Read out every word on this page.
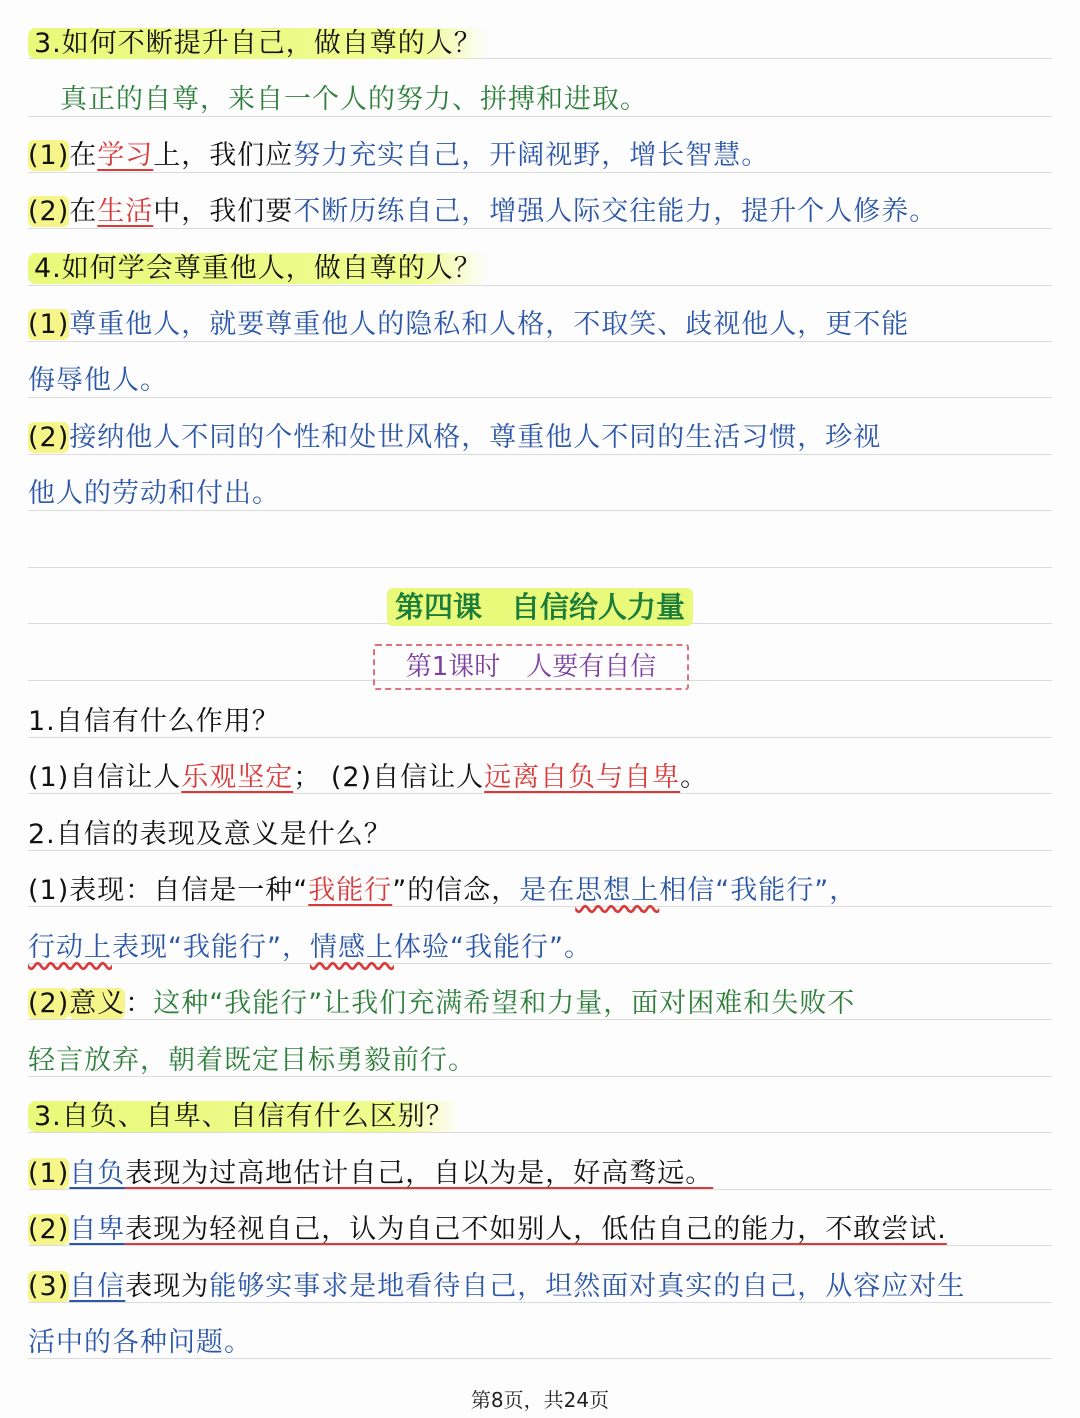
3.如何不断提升自己，做自尊的人？
真正的自尊，来自一个人的努力、拼搏和进取。
(1)在学习上，我们应努力充实自己，开阔视野，增长智慧。
(2)在生活中，我们要不断历练自己，增强人际交往能力，提升个人修养。
4.如何学会尊重他人，做自尊的人？
(1)尊重他人，就要尊重他人的隐私和人格，不取笑、歧视他人，更不能
侮辱他人。
(2)接纳他人不同的个性和处世风格，尊重他人不同的生活习惯，珍视
他人的劳动和付出。
第四课　自信给人力量
第1课时　人要有自信
1.自信有什么作用？
(1)自信让人乐观坚定； (2)自信让人远离自负与自卑。
2.自信的表现及意义是什么？
(1)表现：自信是一种“我能行”的信念，是在思想上相信“我能行”，
行动上表现“我能行”，情感上体验“我能行”。
(2)意义：这种“我能行”让我们充满希望和力量，面对困难和失败不
轻言放弃，朝着既定目标勇毅前行。
3.自负、自卑、自信有什么区别？
(1)自负表现为过高地估计自己，自以为是，好高骛远。
(2)自卑表现为轻视自己，认为自己不如别人，低估自己的能力，不敢尝试.
(3)自信表现为能够实事求是地看待自己，坦然面对真实的自己，从容应对生
活中的各种问题。
第8页，共24页
